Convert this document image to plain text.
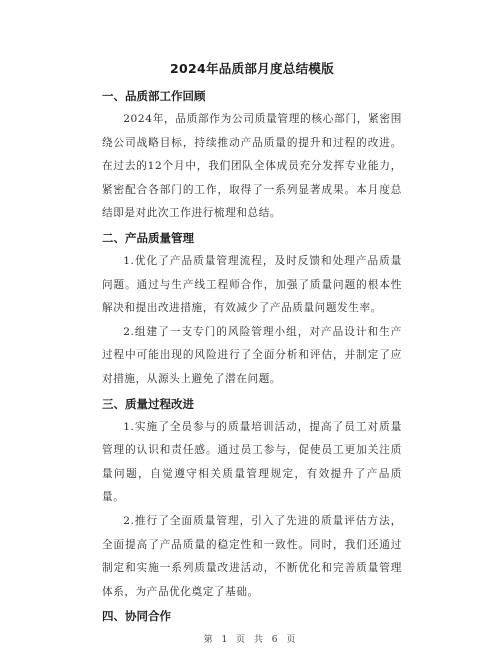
2024年品质部月度总结模版
一、品质部工作回顾

2024年，品质部作为公司质量管理的核心部门，紧密围绕公司战略目标，持续推动产品质量的提升和过程的改进。在过去的12个月中，我们团队全体成员充分发挥专业能力，紧密配合各部门的工作，取得了一系列显著成果。本月度总结即是对此次工作进行梳理和总结。

二、产品质量管理

1.优化了产品质量管理流程，及时反馈和处理产品质量问题。通过与生产线工程师合作，加强了质量问题的根本性解决和提出改进措施，有效减少了产品质量问题发生率。

2.组建了一支专门的风险管理小组，对产品设计和生产过程中可能出现的风险进行了全面分析和评估，并制定了应对措施，从源头上避免了潜在问题。

三、质量过程改进

1.实施了全员参与的质量培训活动，提高了员工对质量管理的认识和责任感。通过员工参与，促使员工更加关注质量问题，自觉遵守相关质量管理规定，有效提升了产品质量。

2.推行了全面质量管理，引入了先进的质量评估方法，全面提高了产品质量的稳定性和一致性。同时，我们还通过制定和实施一系列质量改进活动，不断优化和完善质量管理体系，为产品优化奠定了基础。

四、协同合作
第 1 页 共 6 页
